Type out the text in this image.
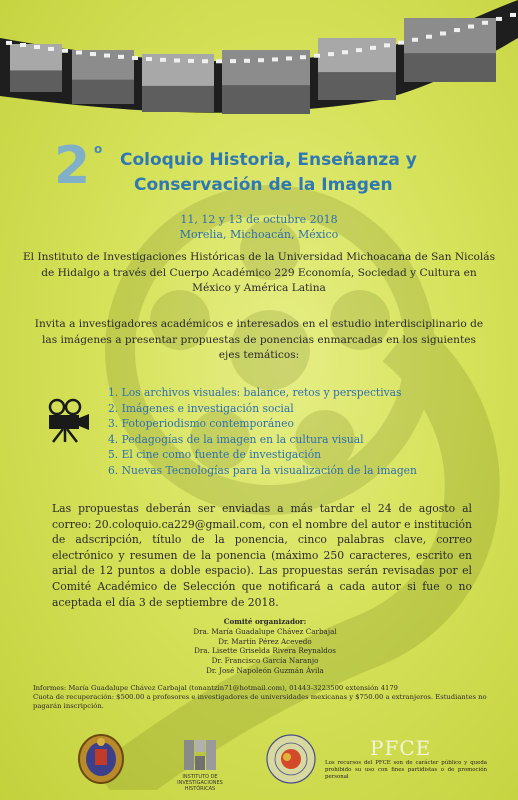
2 o
Coloquio Historia, Enseñanza y
Conservación de la Imagen
11, 12 y 13 de octubre 2018
Morelia, Michoacán, México
El Instituto de Investigaciones Históricas de la Universidad Michoacana de San Nicolás de Hidalgo a través del Cuerpo Académico 229 Economía, Sociedad y Cultura en México y América Latina
Invita a investigadores académicos e interesados en el estudio interdisciplinario de las imágenes a presentar propuestas de ponencias enmarcadas en los siguientes ejes temáticos:
1. Los archivos visuales: balance, retos y perspectivas
2. Imágenes e investigación social
3. Fotoperiodismo contemporáneo
4. Pedagogías de la imagen en la cultura visual
5. El cine como fuente de investigación
6. Nuevas Tecnologías para la visualización de la imagen
Las propuestas deberán ser enviadas a más tardar el 24 de agosto al correo: 20.coloquio.ca229@gmail.com, con el nombre del autor e institución de adscripción, título de la ponencia, cinco palabras clave, correo electrónico y resumen de la ponencia (máximo 250 caracteres, escrito en arial de 12 puntos a doble espacio). Las propuestas serán revisadas por el Comité Académico de Selección que notificará a cada autor si fue o no aceptada el día 3 de septiembre de 2018.
Comité organizador:
Dra. María Guadalupe Chávez Carbajal
Dr. Martín Pérez Acevedo
Dra. Lisette Griselda Rivera Reynaldos
Dr. Francisco García Naranjo
Dr. José Napoleón Guzmán Ávila
Informes: María Guadalupe Chávez Carbajal (tonantzin71@hotmail.com), 01443-3223500 extensión 4179
Cuota de recuperación: $500.00 a profesores e investigadores de universidades mexicanas y $750.00 a extranjeros. Estudiantes no pagarán inscripción.
INSTITUTO DE
INVESTIGACIONES
HISTÓRICAS
PFCE
Los recursos del PFCE son de carácter público y queda prohibido su uso con fines partidistas o de promoción personal
